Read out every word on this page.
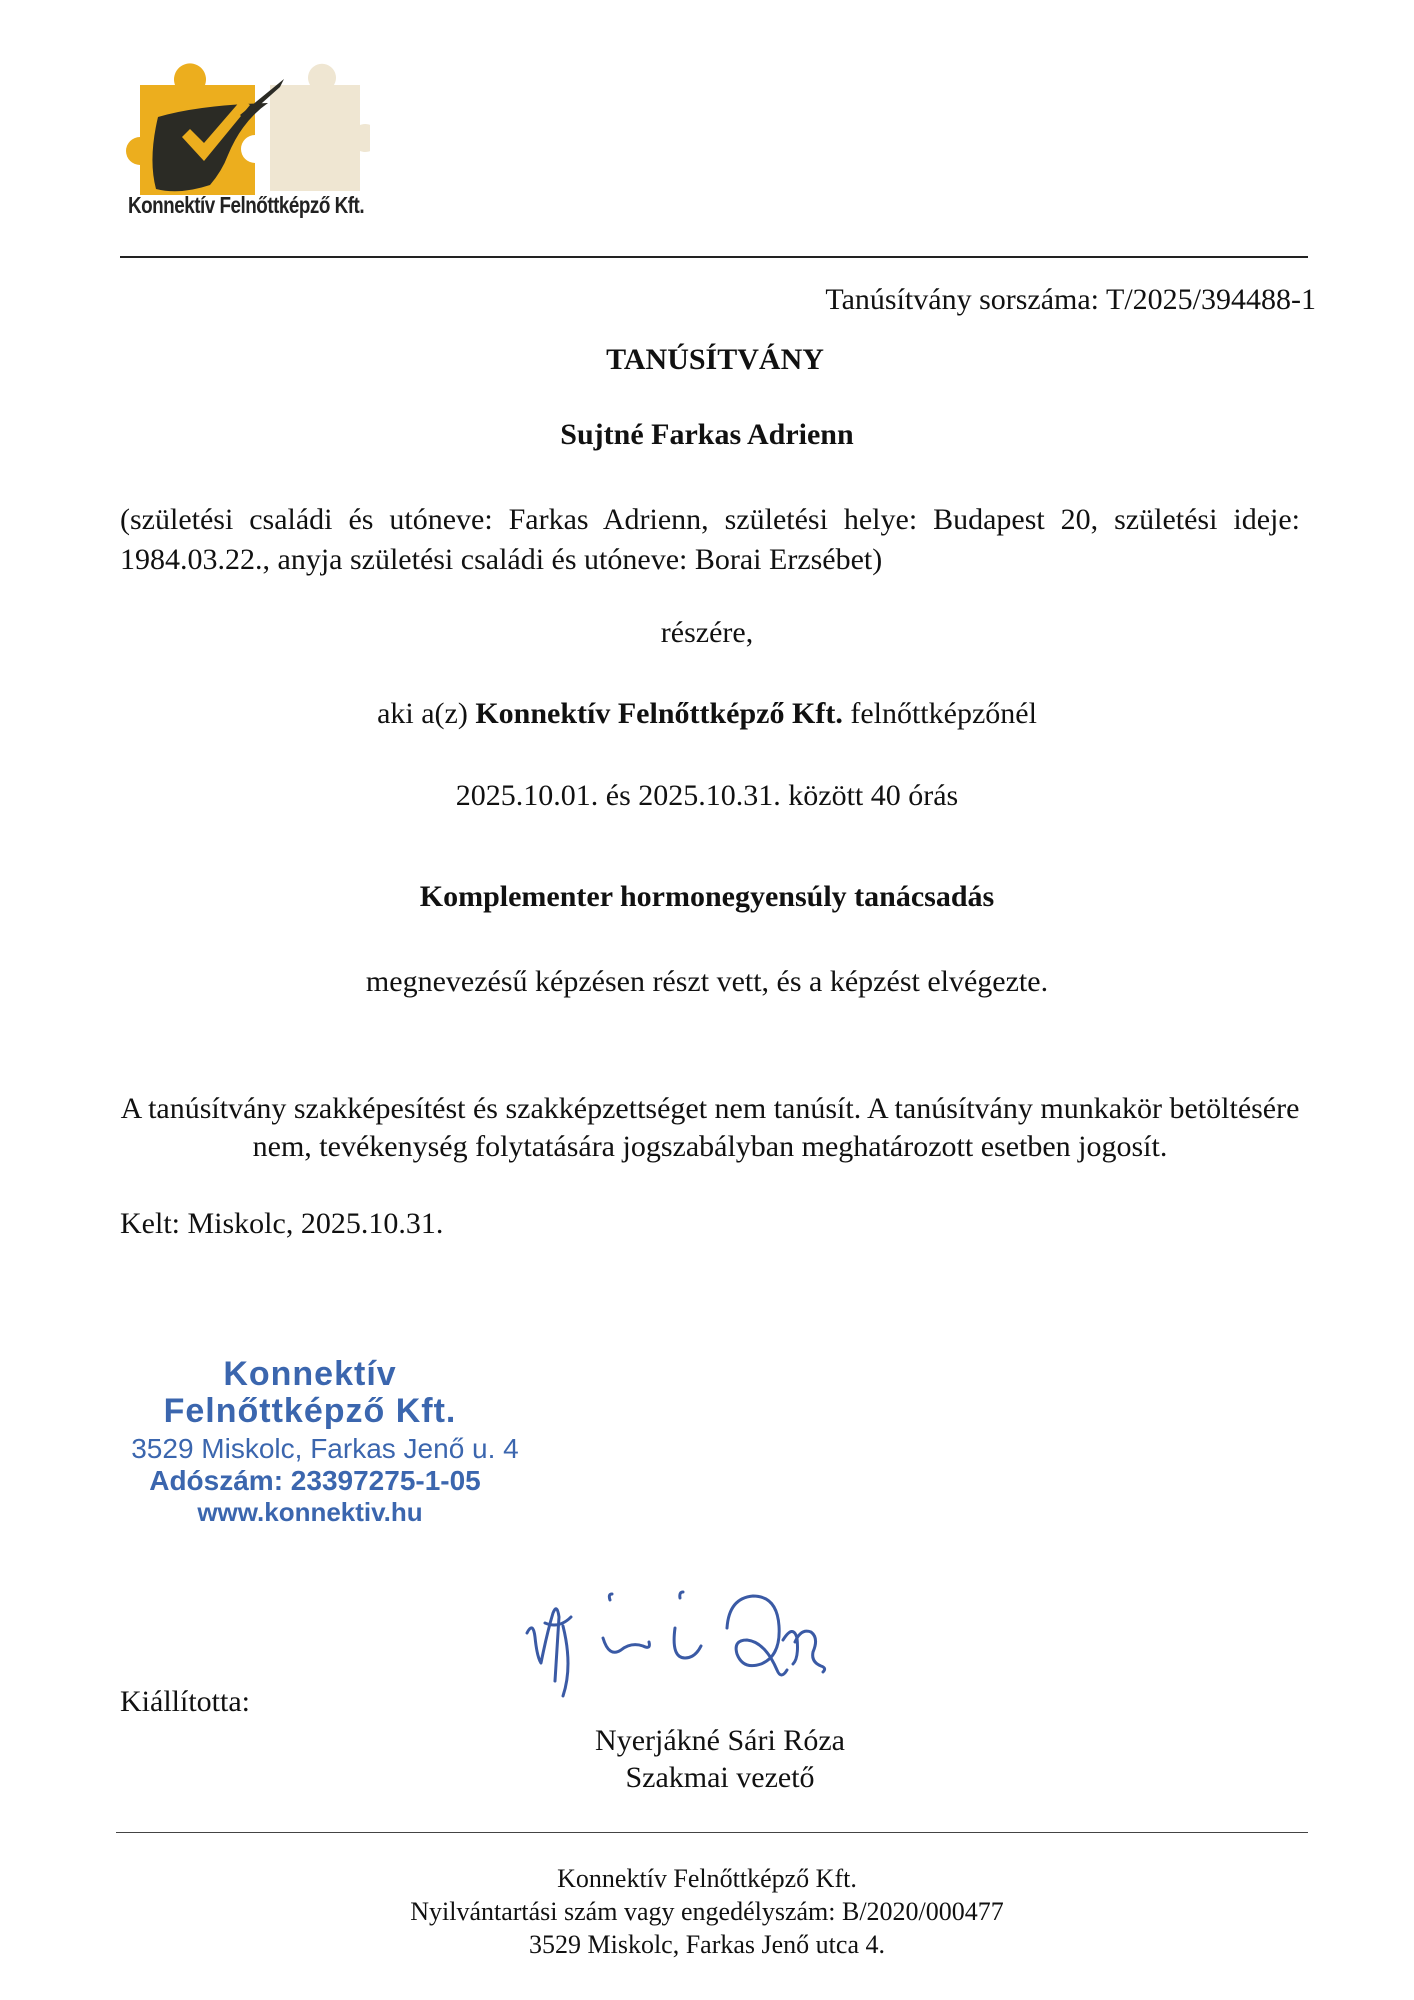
Konnektív Felnőttképző Kft.
Tanúsítvány sorszáma: T/2025/394488-1
TANÚSÍTVÁNY
Sujtné Farkas Adrienn
(születési családi és utóneve: Farkas Adrienn, születési helye: Budapest 20, születési ideje: 1984.03.22., anyja születési családi és utóneve: Borai Erzsébet)
részére,
aki a(z) Konnektív Felnőttképző Kft. felnőttképzőnél
2025.10.01. és 2025.10.31. között 40 órás
Komplementer hormonegyensúly tanácsadás
megnevezésű képzésen részt vett, és a képzést elvégezte.
A tanúsítvány szakképesítést és szakképzettséget nem tanúsít. A tanúsítvány munkakör betöltésére nem, tevékenység folytatására jogszabályban meghatározott esetben jogosít.
Kelt: Miskolc, 2025.10.31.
Konnektív
Felnőttképző Kft.
3529 Miskolc, Farkas Jenő u. 4
Adószám: 23397275-1-05
www.konnektiv.hu
Kiállította:
Nyerjákné Sári Róza
Szakmai vezető
Konnektív Felnőttképző Kft.
Nyilvántartási szám vagy engedélyszám: B/2020/000477
3529 Miskolc, Farkas Jenő utca 4.
